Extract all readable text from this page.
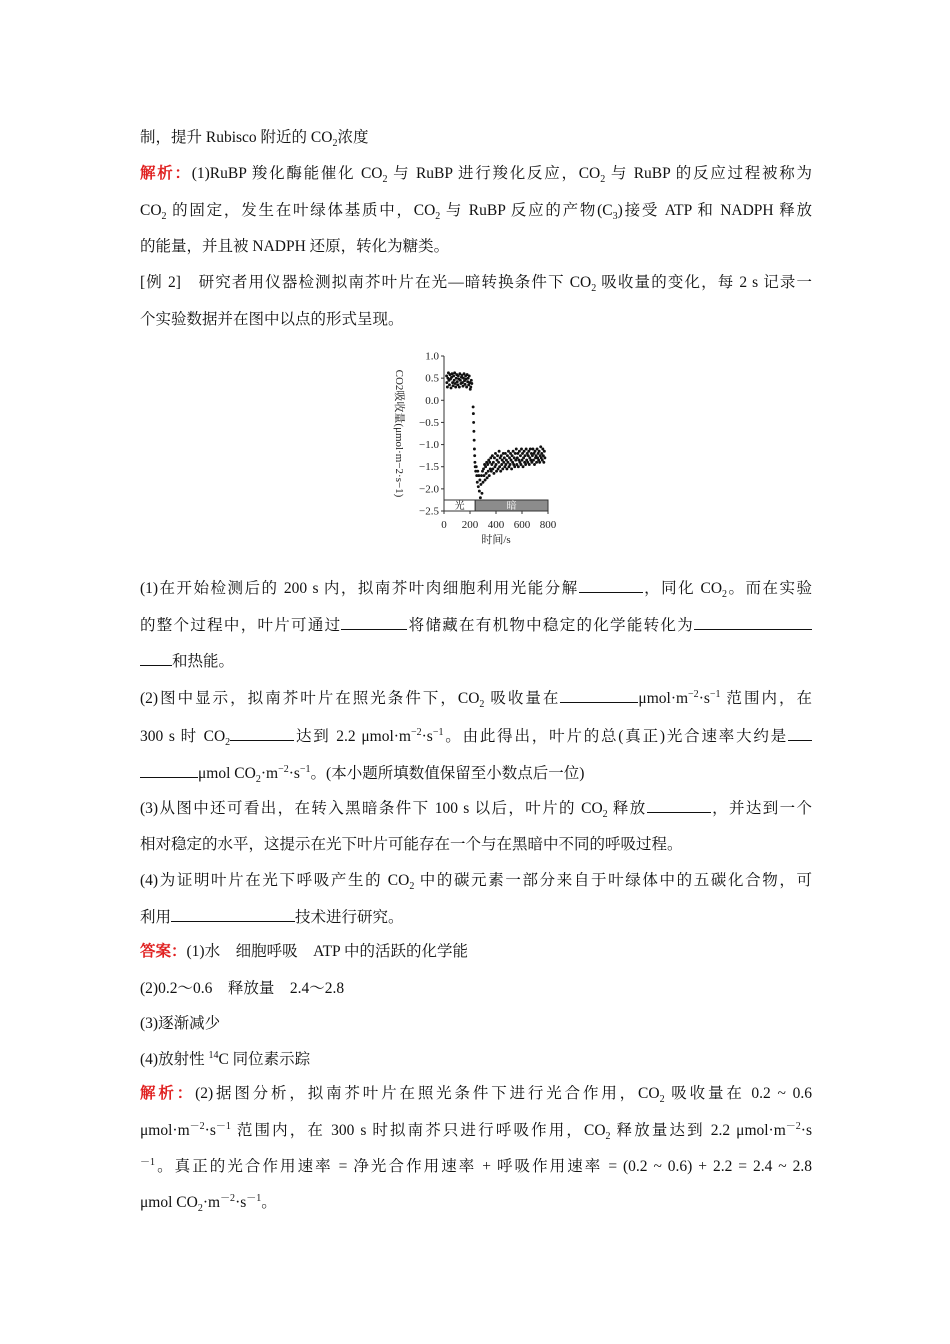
制，提升 Rubisco 附近的 $CO_2$浓度
解析：(1)RuBP 羧化酶能催化 $CO_2$ 与 RuBP 进行羧化反应，$CO_2$ 与 RuBP 的反应过程被称为
$CO_2$ 的固定，发生在叶绿体基质中，$CO_2$ 与 RuBP 反应的产物$(C_3)$接受 ATP 和 NADPH 释放
的能量，并且被 NADPH 还原，转化为糖类。
[例 2]　研究者用仪器检测拟南芥叶片在光—暗转换条件下 $CO_2$ 吸收量的变化，每 2 s 记录一
个实验数据并在图中以点的形式呈现。
1.0
0.5
0.0
−0.5
−1.0
−1.5
−2.0
−2.5
0 200 400 600 800
时间/s
CO2吸收量(μmol·m−2·s−1)
光	暗
(1)在开始检测后的 200 s 内，拟南芥叶肉细胞利用光能分解	，同化 $CO_2$。而在实验
的整个过程中，叶片可通过	将储藏在有机物中稳定的化学能转化为
和热能。
(2)图中显示，拟南芥叶片在照光条件下，$CO_2$ 吸收量在	$\mu mol\cdot m^{-2}\cdot s^{-1}$ 范围内，在
300 s 时 $CO_2$	达到 2.2 $\mu mol\cdot m^{-2}\cdot s^{-1}$。由此得出，叶片的总(真正)光合速率大约是
μmol $CO_2\cdot m^{-2}\cdot s^{-1}$。(本小题所填数值保留至小数点后一位)
(3)从图中还可看出，在转入黑暗条件下 100 s 以后，叶片的 $CO_2$ 释放	，并达到一个
相对稳定的水平，这提示在光下叶片可能存在一个与在黑暗中不同的呼吸过程。
(4)为证明叶片在光下呼吸产生的 $CO_2$ 中的碳元素一部分来自于叶绿体中的五碳化合物，可
利用	技术进行研究。
答案：(1)水　细胞呼吸　ATP 中的活跃的化学能
(2)0.2～0.6　释放量　2.4～2.8
(3)逐渐减少
(4)放射性 $^{14}$C 同位素示踪
解析：(2)据图分析，拟南芥叶片在照光条件下进行光合作用，$CO_2$ 吸收量在 0.2 ~ 0.6
$\mu mol\cdot m^{-2}\cdot s^{-1}$ 范围内，在 300 s 时拟南芥只进行呼吸作用，$CO_2$ 释放量达到 2.2 $\mu mol\cdot m^{-2}\cdot s$
$^{-1}$。真正的光合作用速率 = 净光合作用速率 + 呼吸作用速率 = (0.2 ~ 0.6) + 2.2 = 2.4 ~ 2.8
μmol $CO_2\cdot m^{-2}\cdot s^{-1}$。
